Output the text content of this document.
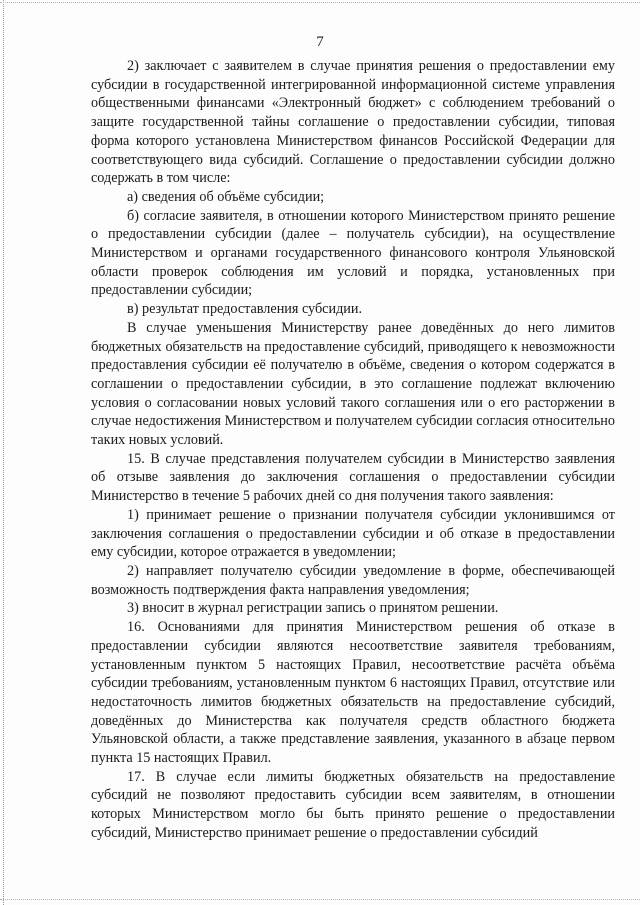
7

2) заключает с заявителем в случае принятия решения о предоставлении ему субсидии в государственной интегрированной информационной системе управления общественными финансами «Электронный бюджет» с соблюдением требований о защите государственной тайны соглашение о предоставлении субсидии, типовая форма которого установлена Министерством финансов Российской Федерации для соответствующего вида субсидий. Соглашение о предоставлении субсидии должно содержать в том числе:

а) сведения об объёме субсидии;

б) согласие заявителя, в отношении которого Министерством принято решение о предоставлении субсидии (далее – получатель субсидии), на осуществление Министерством и органами государственного финансового контроля Ульяновской области проверок соблюдения им условий и порядка, установленных при предоставлении субсидии;

в) результат предоставления субсидии.

В случае уменьшения Министерству ранее доведённых до него лимитов бюджетных обязательств на предоставление субсидий, приводящего к невозможности предоставления субсидии её получателю в объёме, сведения о котором содержатся в соглашении о предоставлении субсидии, в это соглашение подлежат включению условия о согласовании новых условий такого соглашения или о его расторжении в случае недостижения Министерством и получателем субсидии согласия относительно таких новых условий.

15. В случае представления получателем субсидии в Министерство заявления об отзыве заявления до заключения соглашения о предоставлении субсидии Министерство в течение 5 рабочих дней со дня получения такого заявления:

1) принимает решение о признании получателя субсидии уклонившимся от заключения соглашения о предоставлении субсидии и об отказе в предоставлении ему субсидии, которое отражается в уведомлении;

2) направляет получателю субсидии уведомление в форме, обеспечивающей возможность подтверждения факта направления уведомления;

3) вносит в журнал регистрации запись о принятом решении.

16. Основаниями для принятия Министерством решения об отказе в предоставлении субсидии являются несоответствие заявителя требованиям, установленным пунктом 5 настоящих Правил, несоответствие расчёта объёма субсидии требованиям, установленным пунктом 6 настоящих Правил, отсутствие или недостаточность лимитов бюджетных обязательств на предоставление субсидий, доведённых до Министерства как получателя средств областного бюджета Ульяновской области, а также представление заявления, указанного в абзаце первом пункта 15 настоящих Правил.

17. В случае если лимиты бюджетных обязательств на предоставление субсидий не позволяют предоставить субсидии всем заявителям, в отношении которых Министерством могло бы быть принято решение о предоставлении субсидий, Министерство принимает решение о предоставлении субсидий
